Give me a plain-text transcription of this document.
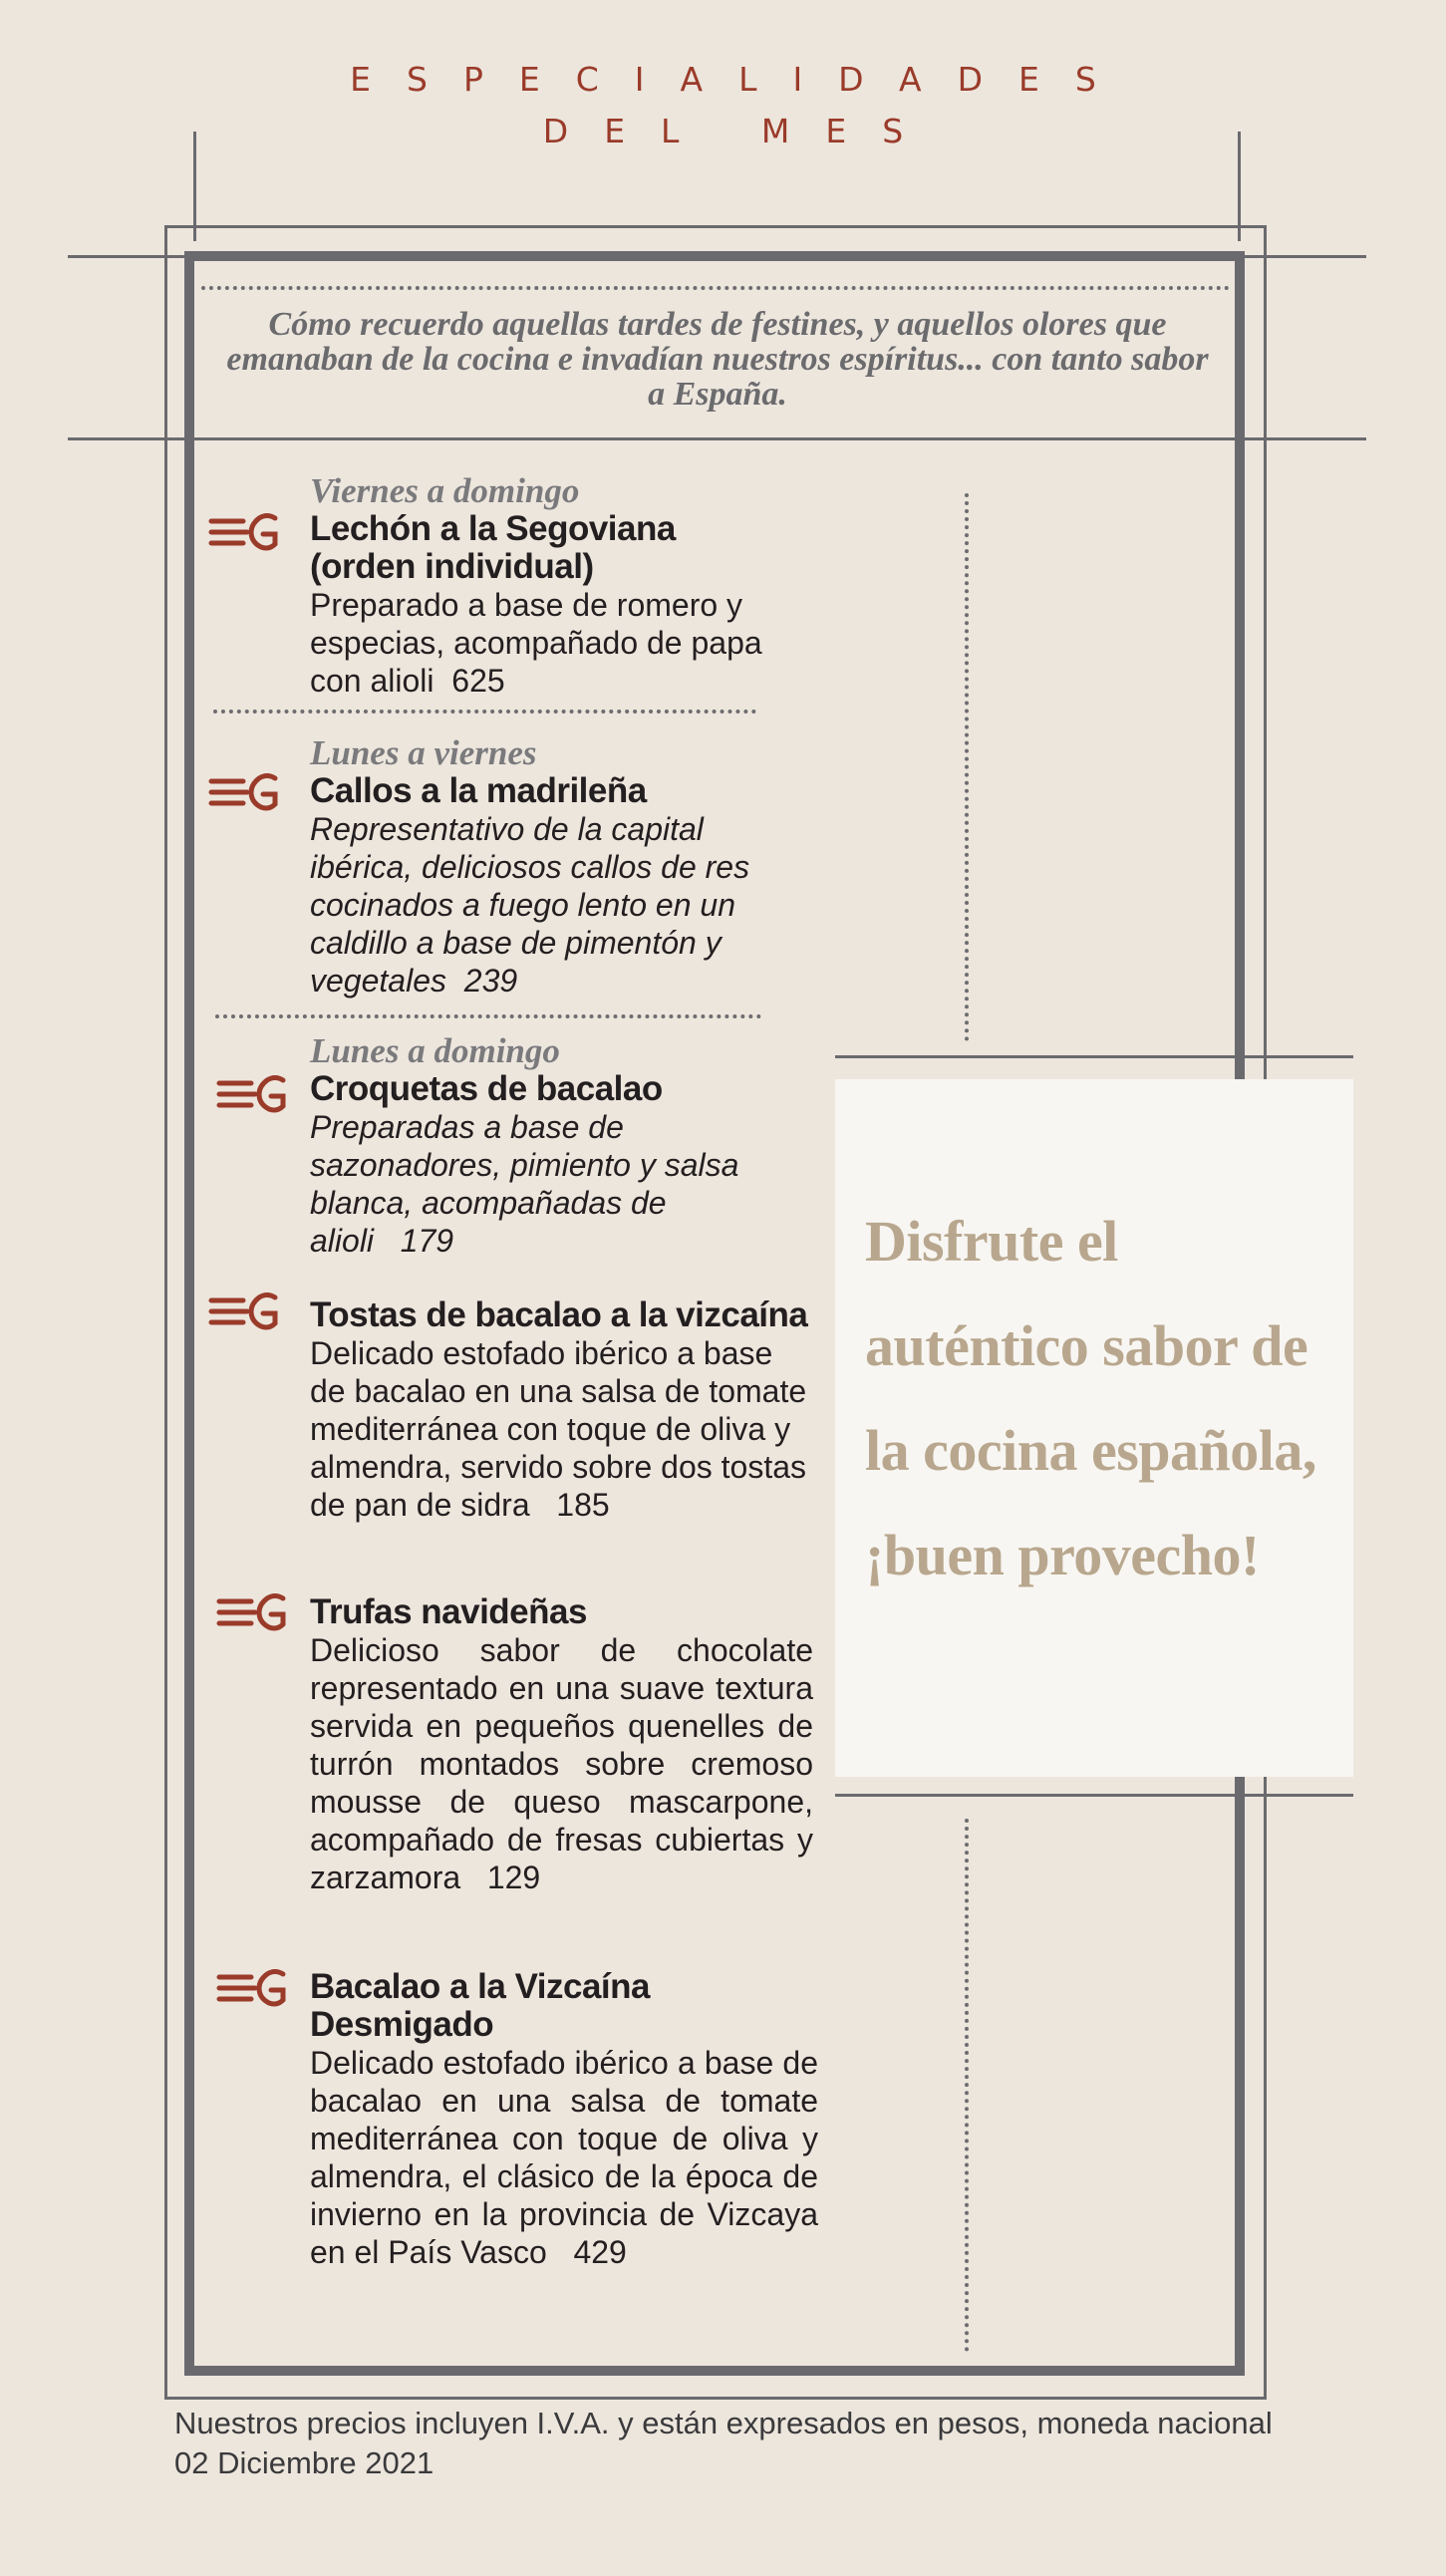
ESPECIALIDADES
DEL MES
Cómo recuerdo aquellas tardes de festines, y aquellos olores que emanaban de la cocina e invadían nuestros espíritus... con tanto sabor a España.
Viernes a domingo
Lechón a la Segoviana (orden individual)
Preparado a base de romero y especias, acompañado de papa con alioli 625
Lunes a viernes
Callos a la madrileña
Representativo de la capital ibérica, deliciosos callos de res cocinados a fuego lento en un caldillo a base de pimentón y vegetales 239
Lunes a domingo
Croquetas de bacalao
Preparadas a base de sazonadores, pimiento y salsa blanca, acompañadas de alioli 179
Tostas de bacalao a la vizcaína
Delicado estofado ibérico a base de bacalao en una salsa de tomate mediterránea con toque de oliva y almendra, servido sobre dos tostas de pan de sidra 185
Trufas navideñas
Delicioso sabor de chocolate representado en una suave textura servida en pequeños quenelles de turrón montados sobre cremoso mousse de queso mascarpone, acompañado de fresas cubiertas y zarzamora 129
Bacalao a la Vizcaína Desmigado
Delicado estofado ibérico a base de bacalao en una salsa de tomate mediterránea con toque de oliva y almendra, el clásico de la época de invierno en la provincia de Vizcaya en el País Vasco 429
Disfrute el auténtico sabor de la cocina española, ¡buen provecho!
Nuestros precios incluyen I.V.A. y están expresados en pesos, moneda nacional
02 Diciembre 2021
